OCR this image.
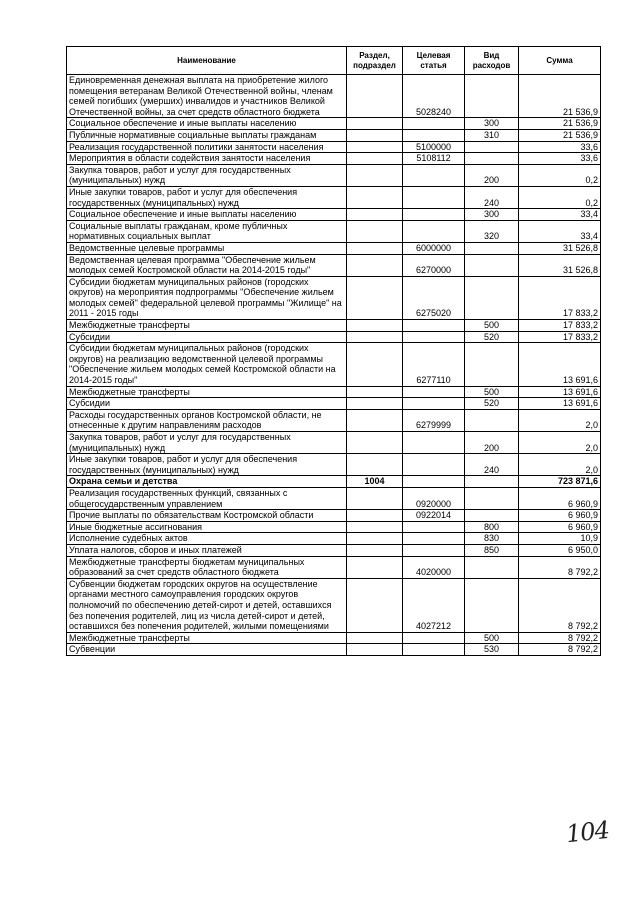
Наименование	Раздел, подраздел	Целевая статья	Вид расходов	Сумма
Единовременная денежная выплата на приобретение жилого помещения ветеранам Великой Отечественной войны, членам семей погибших (умерших) инвалидов и участников Великой Отечественной войны, за счет средств областного бюджета		5028240		21 536,9
Социальное обеспечение и иные выплаты населению			300	21 536,9
Публичные нормативные социальные выплаты гражданам			310	21 536,9
Реализация государственной политики занятости населения		5100000		33,6
Мероприятия в области содействия занятости населения		5108112		33,6
Закупка товаров, работ и услуг для государственных (муниципальных) нужд			200	0,2
Иные закупки товаров, работ и услуг для обеспечения государственных (муниципальных) нужд			240	0,2
Социальное обеспечение и иные выплаты населению			300	33,4
Социальные выплаты гражданам, кроме публичных нормативных социальных выплат			320	33,4
Ведомственные целевые программы		6000000		31 526,8
Ведомственная целевая программа "Обеспечение жильем молодых семей Костромской области на 2014-2015 годы"		6270000		31 526,8
Субсидии бюджетам муниципальных районов (городских округов) на мероприятия подпрограммы "Обеспечение жильем молодых семей" федеральной целевой программы "Жилище" на 2011 - 2015 годы		6275020		17 833,2
Межбюджетные трансферты			500	17 833,2
Субсидии			520	17 833,2
Субсидии бюджетам муниципальных районов (городских округов) на реализацию ведомственной целевой программы "Обеспечение жильем молодых семей Костромской области на 2014-2015 годы"		6277110		13 691,6
Межбюджетные трансферты			500	13 691,6
Субсидии			520	13 691,6
Расходы государственных органов Костромской области, не отнесенные к другим направлениям расходов		6279999		2,0
Закупка товаров, работ и услуг для государственных (муниципальных) нужд			200	2,0
Иные закупки товаров, работ и услуг для обеспечения государственных (муниципальных) нужд			240	2,0
Охрана семьи и детства	1004			723 871,6
Реализация государственных функций, связанных с общегосударственным управлением		0920000		6 960,9
Прочие выплаты по обязательствам Костромской области		0922014		6 960,9
Иные бюджетные ассигнования			800	6 960,9
Исполнение судебных актов			830	10,9
Уплата налогов, сборов и иных платежей			850	6 950,0
Межбюджетные трансферты бюджетам муниципальных образований за счет средств областного бюджета		4020000		8 792,2
Субвенции бюджетам городских округов на осуществление органами местного самоуправления городских округов полномочий по обеспечению детей-сирот и детей, оставшихся без попечения родителей, лиц из числа детей-сирот и детей, оставшихся без попечения родителей, жилыми помещениями		4027212		8 792,2
Межбюджетные трансферты			500	8 792,2
Субвенции			530	8 792,2
104
